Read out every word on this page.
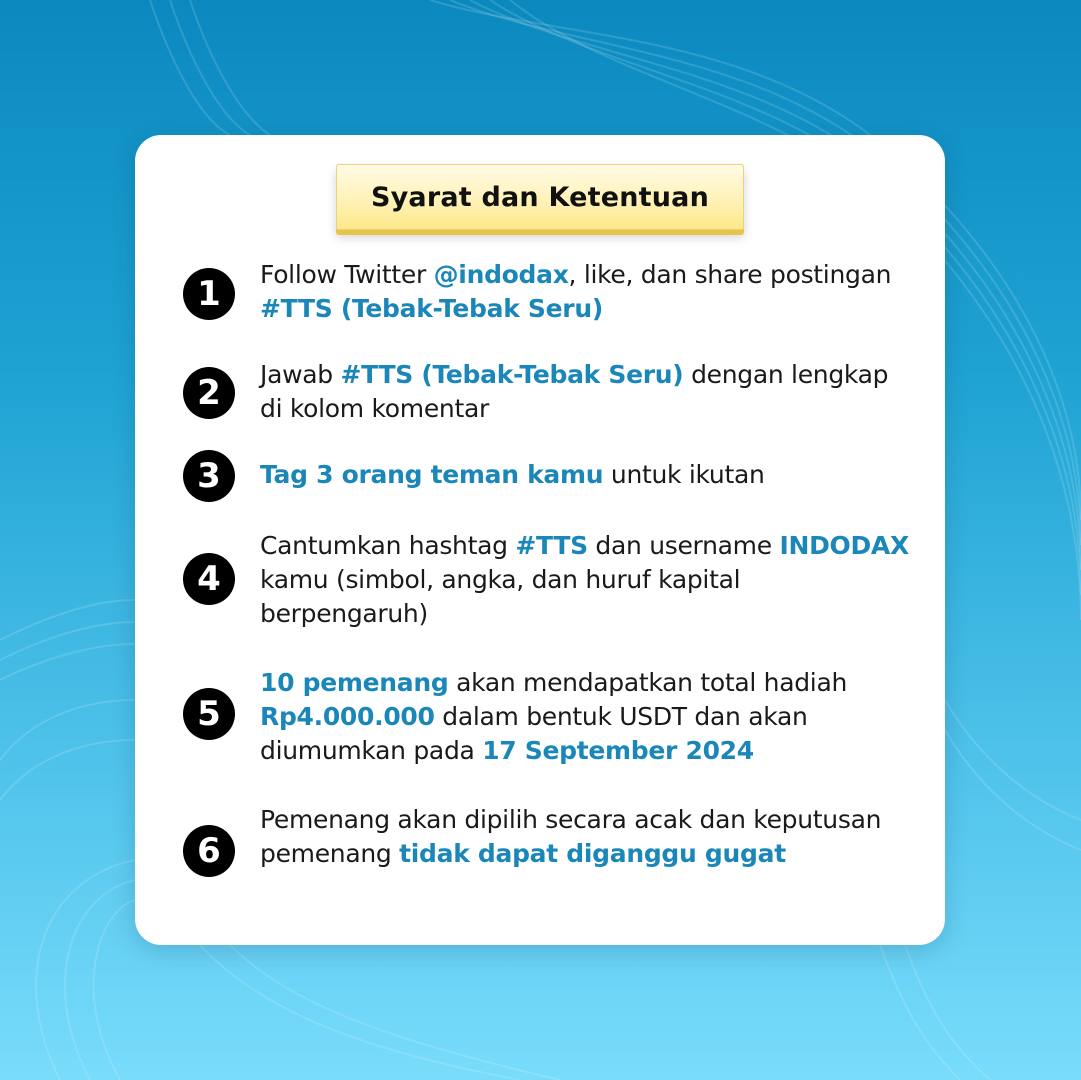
Syarat dan Ketentuan
1	Follow Twitter @indodax, like, dan share postingan #TTS (Tebak-Tebak Seru)
2	Jawab #TTS (Tebak-Tebak Seru) dengan lengkap di kolom komentar
3	Tag 3 orang teman kamu untuk ikutan
4
Cantumkan hashtag #TTS dan username INDODAX kamu (simbol, angka, dan huruf kapital berpengaruh)
5
10 pemenang akan mendapatkan total hadiah Rp4.000.000 dalam bentuk USDT dan akan diumumkan pada 17 September 2024
6
Pemenang akan dipilih secara acak dan keputusan pemenang tidak dapat diganggu gugat
